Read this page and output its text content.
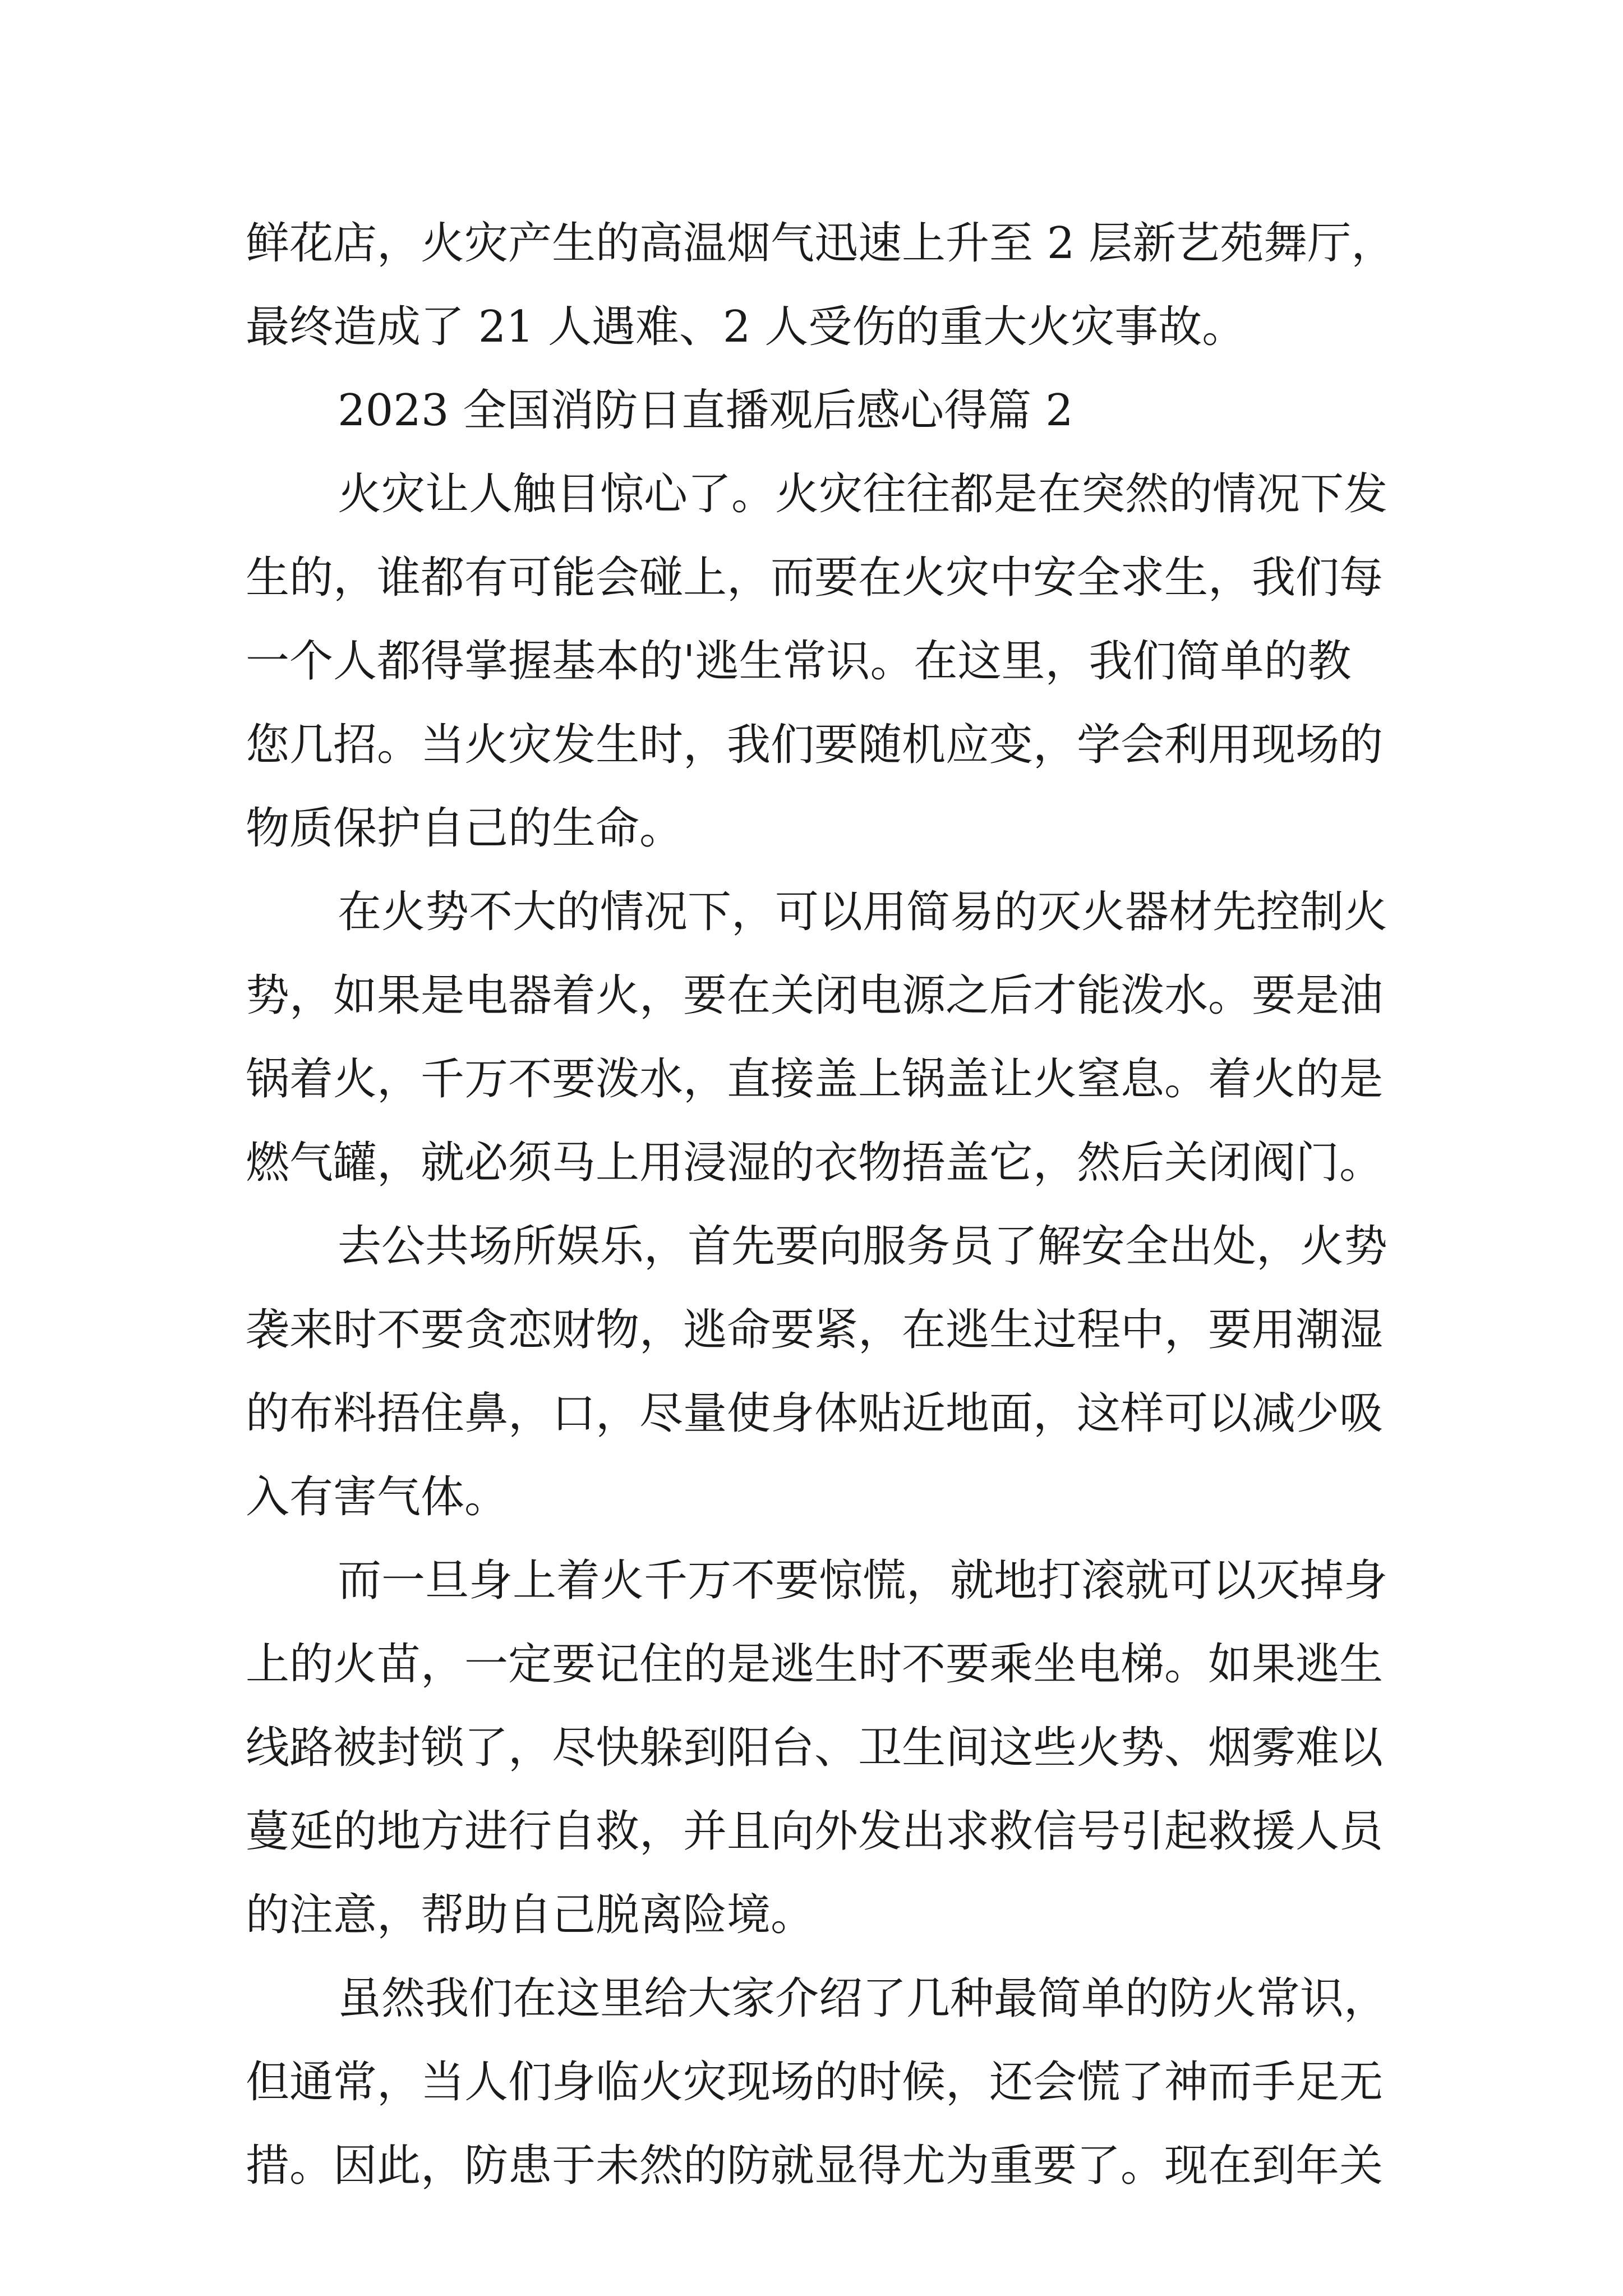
鲜花店，火灾产生的高温烟气迅速上升至 2 层新艺苑舞厅，
最终造成了 21 人遇难、2 人受伤的重大火灾事故。
2023 全国消防日直播观后感心得篇 2
火灾让人触目惊心了。火灾往往都是在突然的情况下发
生的，谁都有可能会碰上，而要在火灾中安全求生，我们每
一个人都得掌握基本的'逃生常识。在这里，我们简单的教
您几招。当火灾发生时，我们要随机应变，学会利用现场的
物质保护自己的生命。
在火势不大的情况下，可以用简易的灭火器材先控制火
势，如果是电器着火，要在关闭电源之后才能泼水。要是油
锅着火，千万不要泼水，直接盖上锅盖让火窒息。着火的是
燃气罐，就必须马上用浸湿的衣物捂盖它，然后关闭阀门。
去公共场所娱乐，首先要向服务员了解安全出处，火势
袭来时不要贪恋财物，逃命要紧，在逃生过程中，要用潮湿
的布料捂住鼻，口，尽量使身体贴近地面，这样可以减少吸
入有害气体。
而一旦身上着火千万不要惊慌，就地打滚就可以灭掉身
上的火苗，一定要记住的是逃生时不要乘坐电梯。如果逃生
线路被封锁了，尽快躲到阳台、卫生间这些火势、烟雾难以
蔓延的地方进行自救，并且向外发出求救信号引起救援人员
的注意，帮助自己脱离险境。
虽然我们在这里给大家介绍了几种最简单的防火常识，
但通常，当人们身临火灾现场的时候，还会慌了神而手足无
措。因此，防患于未然的防就显得尤为重要了。现在到年关
